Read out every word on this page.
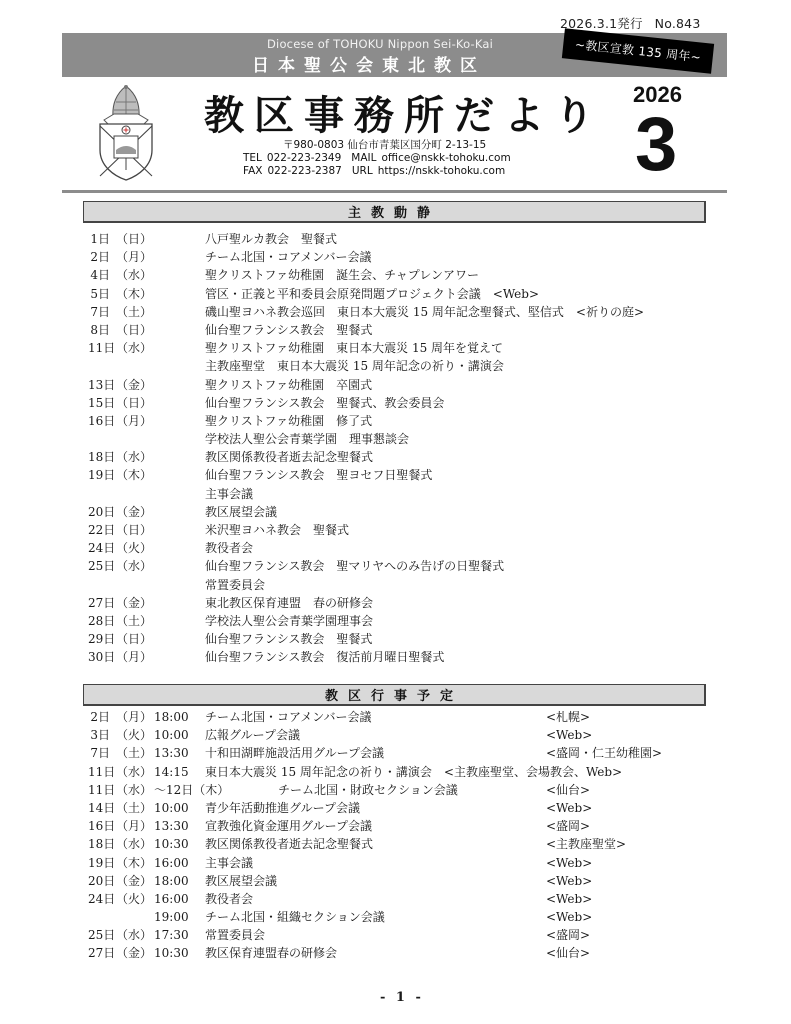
2026.3.1発行 No.843
Diocese of TOHOKU Nippon Sei-Ko-Kai
日本聖公会東北教区
~教区宣教 135 周年~
教区事務所だより 2026
3
〒980-0803 仙台市青葉区国分町 2-13-15
TEL 022-223-2349 MAIL office@nskk-tohoku.com
FAX 022-223-2387 URL https://nskk-tohoku.com
主教動静
1日 （日）	八戸聖ルカ教会　聖餐式
2日 （月）	チーム北国・コアメンバー会議
4日 （水）	聖クリストファ幼稚園　誕生会、チャプレンアワー
5日 （木）	管区・正義と平和委員会原発問題プロジェクト会議　<Web>
7日 （土）	磯山聖ヨハネ教会巡回　東日本大震災 15 周年記念聖餐式、堅信式　<祈りの庭>
8日 （日）	仙台聖フランシス教会　聖餐式
11日（水）	聖クリストファ幼稚園　東日本大震災 15 周年を覚えて
主教座聖堂　東日本大震災 15 周年記念の祈り・講演会
13日（金）	聖クリストファ幼稚園　卒園式
15日（日）	仙台聖フランシス教会　聖餐式、教会委員会
16日（月）	聖クリストファ幼稚園　修了式
学校法人聖公会青葉学園　理事懇談会
18日（水）	教区関係教役者逝去記念聖餐式
19日（木）	仙台聖フランシス教会　聖ヨセフ日聖餐式
主事会議
20日（金）	教区展望会議
22日（日）	米沢聖ヨハネ教会　聖餐式
24日（火）	教役者会
25日（水）	仙台聖フランシス教会　聖マリヤへのみ告げの日聖餐式
常置委員会
27日（金）	東北教区保育連盟　春の研修会
28日（土）	学校法人聖公会青葉学園理事会
29日（日）	仙台聖フランシス教会　聖餐式
30日（月）	仙台聖フランシス教会　復活前月曜日聖餐式
教区行事予定
2日 （月） 18:00 チーム北国・コアメンバー会議	<札幌>
3日 （火） 10:00 広報グループ会議	<Web>
7日 （土） 13:30 十和田湖畔施設活用グループ会議	<盛岡・仁王幼稚園>
11日（水） 14:15 東日本大震災 15 周年記念の祈り・講演会　<主教座聖堂、会場教会、Web>
11日（水） ～12日（木）	　チーム北国・財政セクション会議	<仙台>
14日（土） 10:00 青少年活動推進グループ会議	<Web>
16日（月） 13:30 宣教強化資金運用グループ会議	<盛岡>
18日（水） 10:30 教区関係教役者逝去記念聖餐式	<主教座聖堂>
19日（木） 16:00 主事会議	<Web>
20日（金） 18:00 教区展望会議	<Web>
24日（火） 16:00 教役者会	<Web>
19:00 チーム北国・組織セクション会議	<Web>
25日（水） 17:30 常置委員会	<盛岡>
27日（金） 10:30 教区保育連盟春の研修会	<仙台>
- 1 -
